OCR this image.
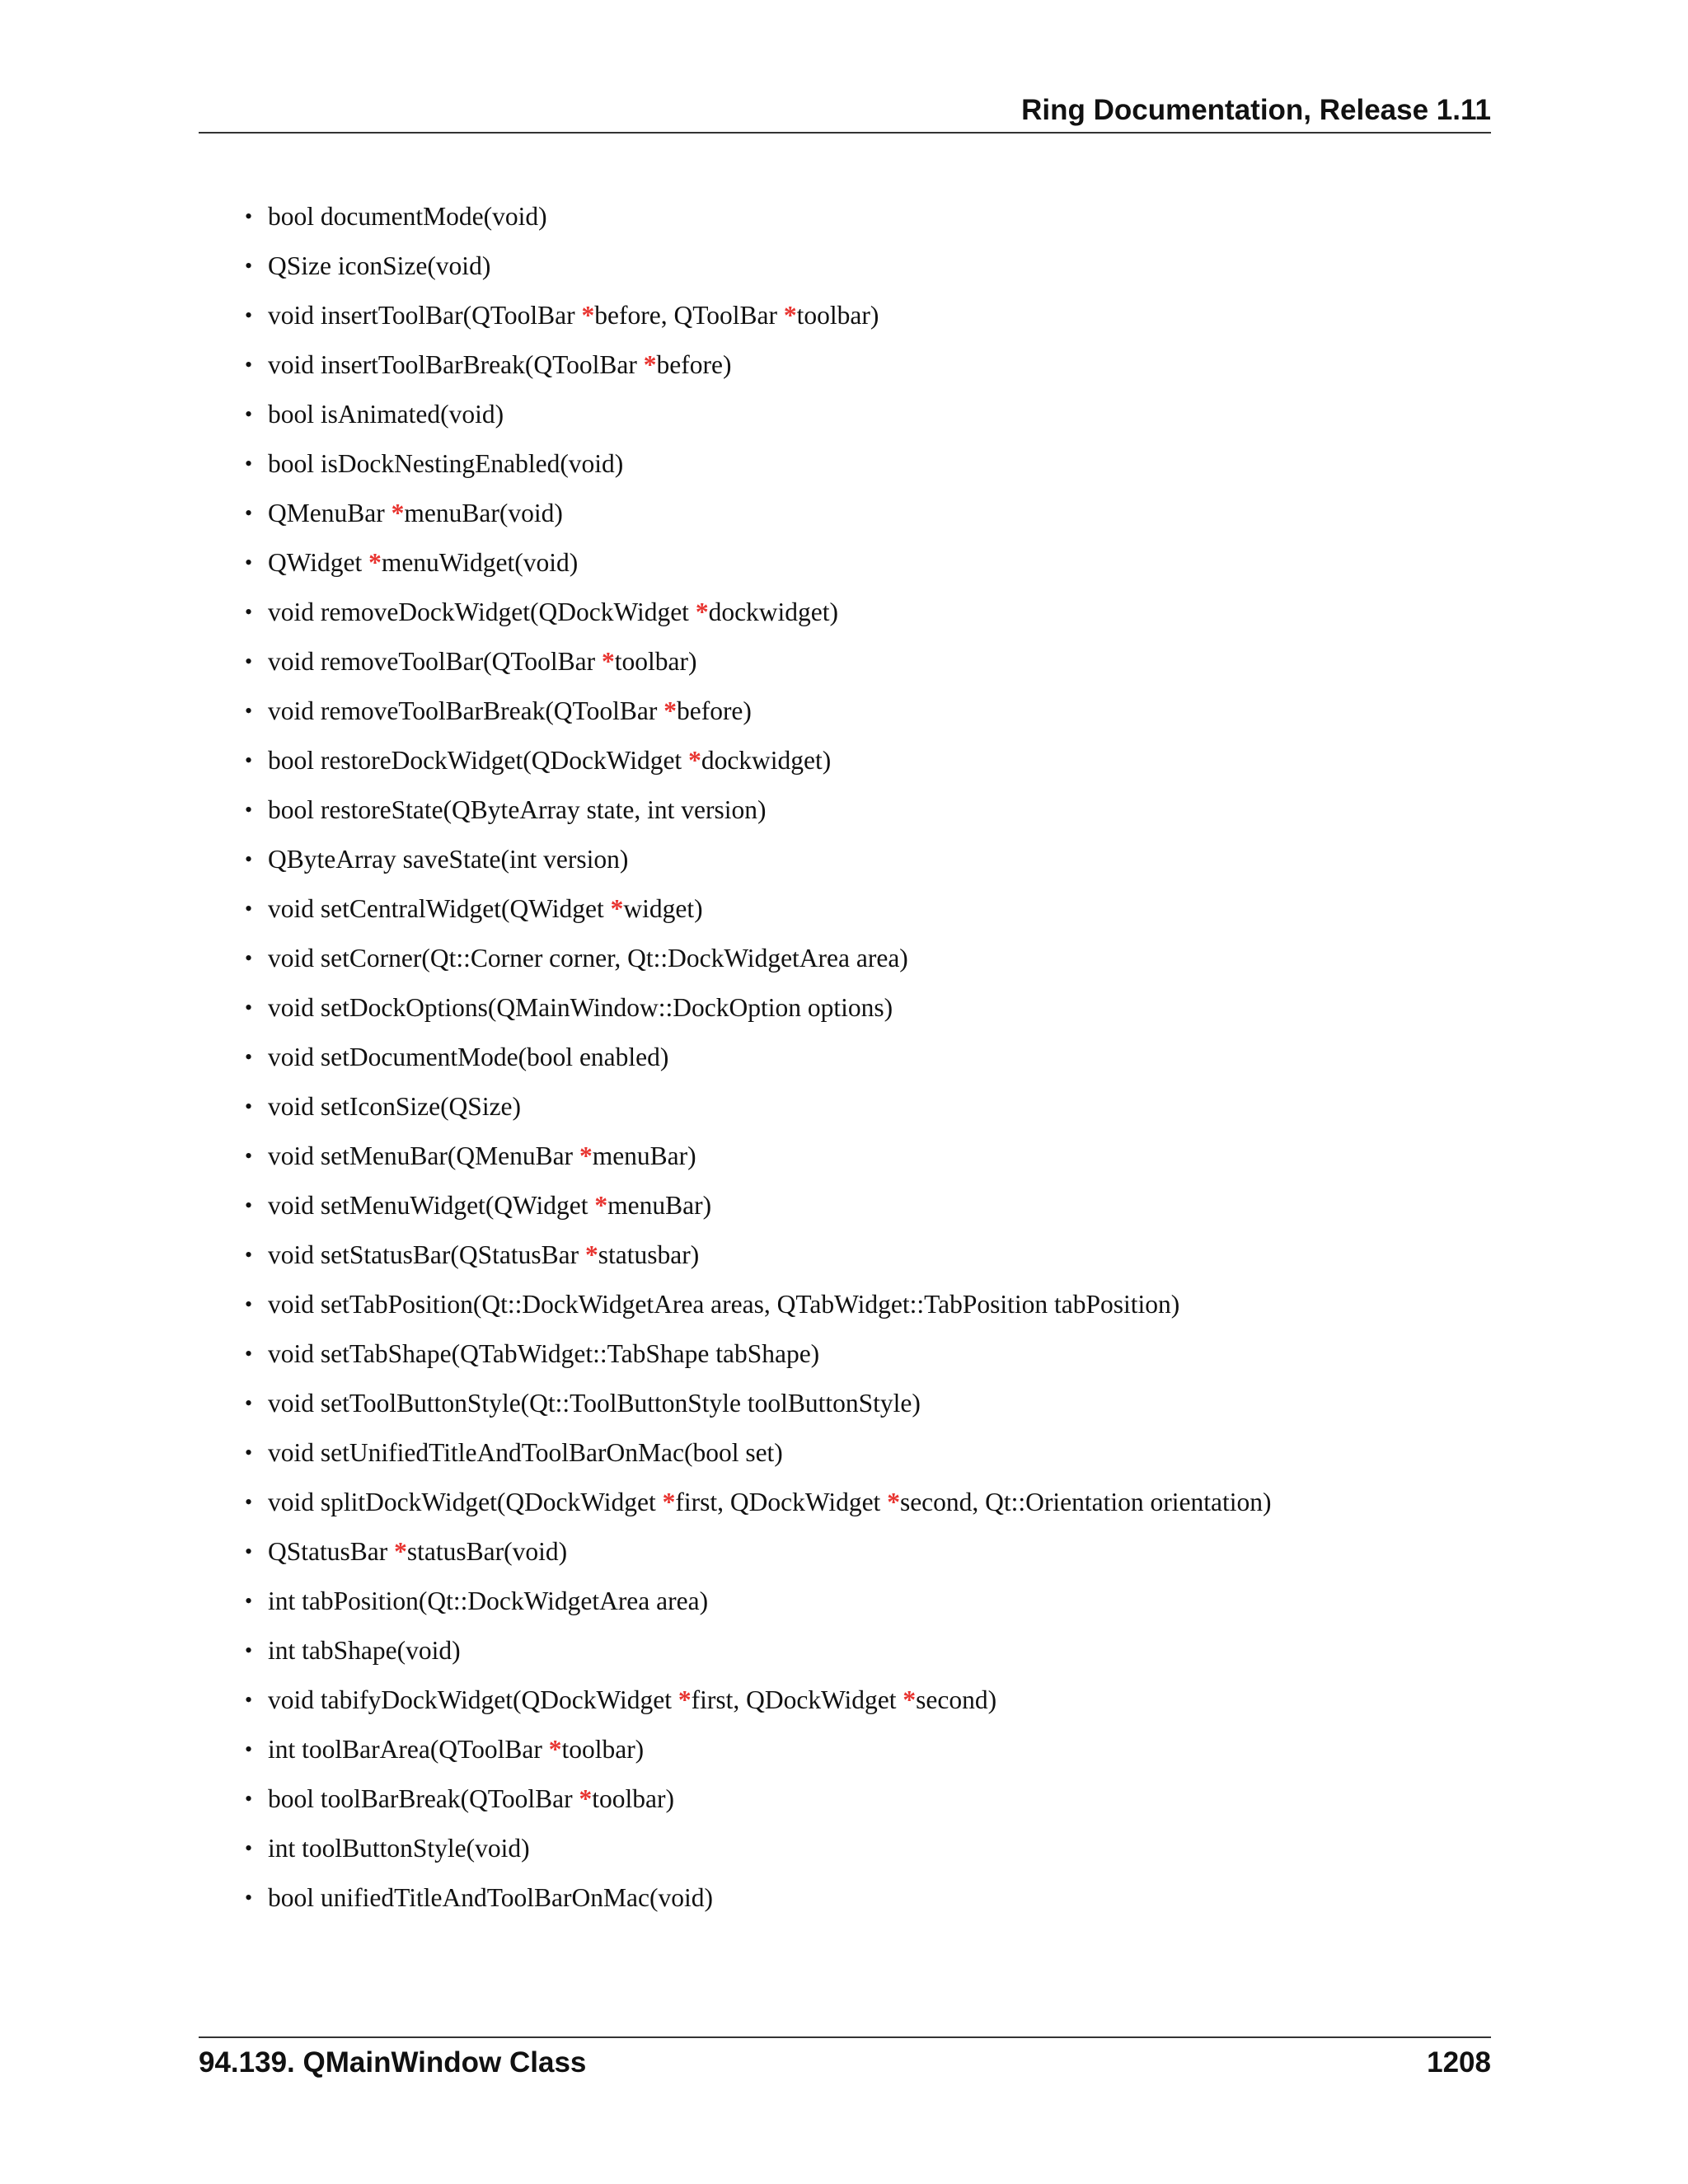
Ring Documentation, Release 1.11
• bool documentMode(void)
• QSize iconSize(void)
• void insertToolBar(QToolBar *before, QToolBar *toolbar)
• void insertToolBarBreak(QToolBar *before)
• bool isAnimated(void)
• bool isDockNestingEnabled(void)
• QMenuBar *menuBar(void)
• QWidget *menuWidget(void)
• void removeDockWidget(QDockWidget *dockwidget)
• void removeToolBar(QToolBar *toolbar)
• void removeToolBarBreak(QToolBar *before)
• bool restoreDockWidget(QDockWidget *dockwidget)
• bool restoreState(QByteArray state, int version)
• QByteArray saveState(int version)
• void setCentralWidget(QWidget *widget)
• void setCorner(Qt::Corner corner, Qt::DockWidgetArea area)
• void setDockOptions(QMainWindow::DockOption options)
• void setDocumentMode(bool enabled)
• void setIconSize(QSize)
• void setMenuBar(QMenuBar *menuBar)
• void setMenuWidget(QWidget *menuBar)
• void setStatusBar(QStatusBar *statusbar)
• void setTabPosition(Qt::DockWidgetArea areas, QTabWidget::TabPosition tabPosition)
• void setTabShape(QTabWidget::TabShape tabShape)
• void setToolButtonStyle(Qt::ToolButtonStyle toolButtonStyle)
• void setUnifiedTitleAndToolBarOnMac(bool set)
• void splitDockWidget(QDockWidget *first, QDockWidget *second, Qt::Orientation orientation)
• QStatusBar *statusBar(void)
• int tabPosition(Qt::DockWidgetArea area)
• int tabShape(void)
• void tabifyDockWidget(QDockWidget *first, QDockWidget *second)
• int toolBarArea(QToolBar *toolbar)
• bool toolBarBreak(QToolBar *toolbar)
• int toolButtonStyle(void)
• bool unifiedTitleAndToolBarOnMac(void)
94.139. QMainWindow Class	1208
